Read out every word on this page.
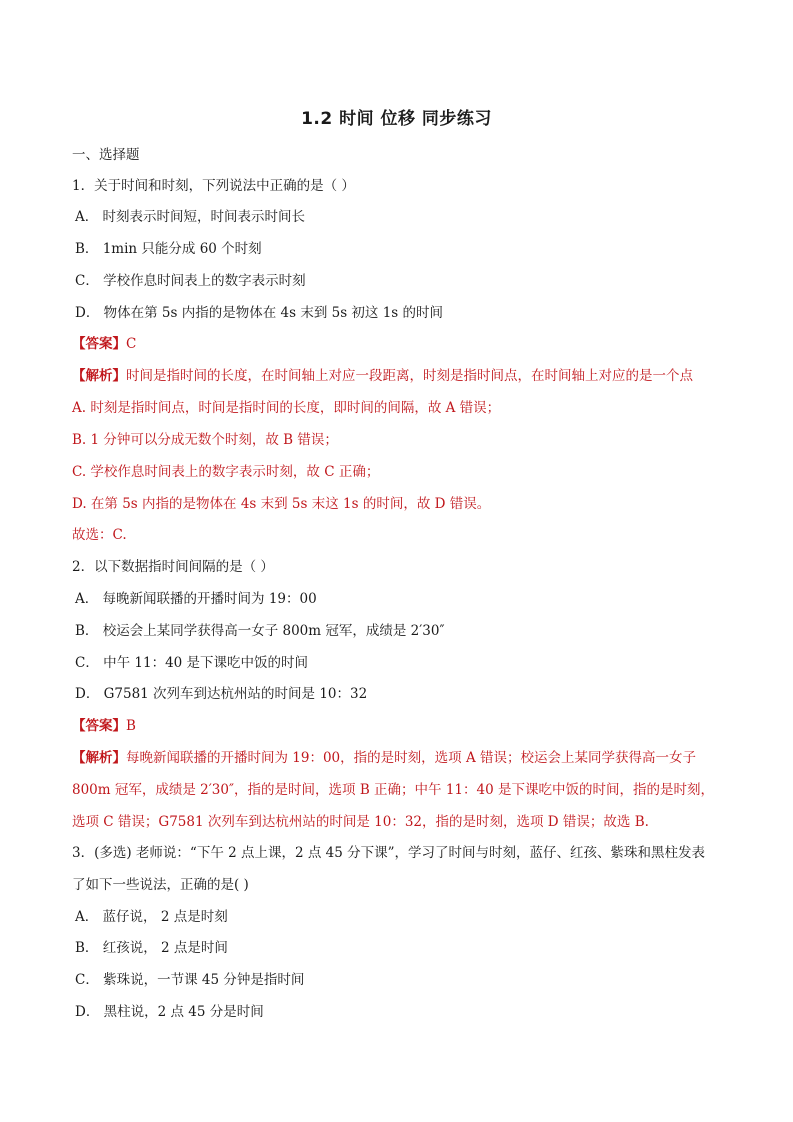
1.2 时间 位移 同步练习
一、选择题
1．关于时间和时刻，下列说法中正确的是（ ）
A． 时刻表示时间短，时间表示时间长
B． 1min 只能分成 60 个时刻
C． 学校作息时间表上的数字表示时刻
D． 物体在第 5s 内指的是物体在 4s 末到 5s 初这 1s 的时间
【答案】C
【解析】时间是指时间的长度，在时间轴上对应一段距离，时刻是指时间点，在时间轴上对应的是一个点
A. 时刻是指时间点，时间是指时间的长度，即时间的间隔，故 A 错误；
B. 1 分钟可以分成无数个时刻，故 B 错误；
C. 学校作息时间表上的数字表示时刻，故 C 正确；
D. 在第 5s 内指的是物体在 4s 末到 5s 末这 1s 的时间，故 D 错误。
故选：C.
2．以下数据指时间间隔的是（ ）
A． 每晚新闻联播的开播时间为 19：00
B． 校运会上某同学获得高一女子 800m 冠军，成绩是 2′30″
C． 中午 11：40 是下课吃中饭的时间
D． G7581 次列车到达杭州站的时间是 10：32
【答案】B
【解析】每晚新闻联播的开播时间为 19：00，指的是时刻，选项 A 错误；校运会上某同学获得高一女子 800m 冠军，成绩是 2′30″，指的是时间，选项 B 正确；中午 11：40 是下课吃中饭的时间，指的是时刻，选项 C 错误；G7581 次列车到达杭州站的时间是 10：32，指的是时刻，选项 D 错误；故选 B.
3．(多选) 老师说：“下午 2 点上课，2 点 45 分下课”，学习了时间与时刻，蓝仔、红孩、紫珠和黑柱发表
了如下一些说法，正确的是( )
A． 蓝仔说， 2 点是时刻
B． 红孩说， 2 点是时间
C． 紫珠说，一节课 45 分钟是指时间
D． 黑柱说，2 点 45 分是时间
